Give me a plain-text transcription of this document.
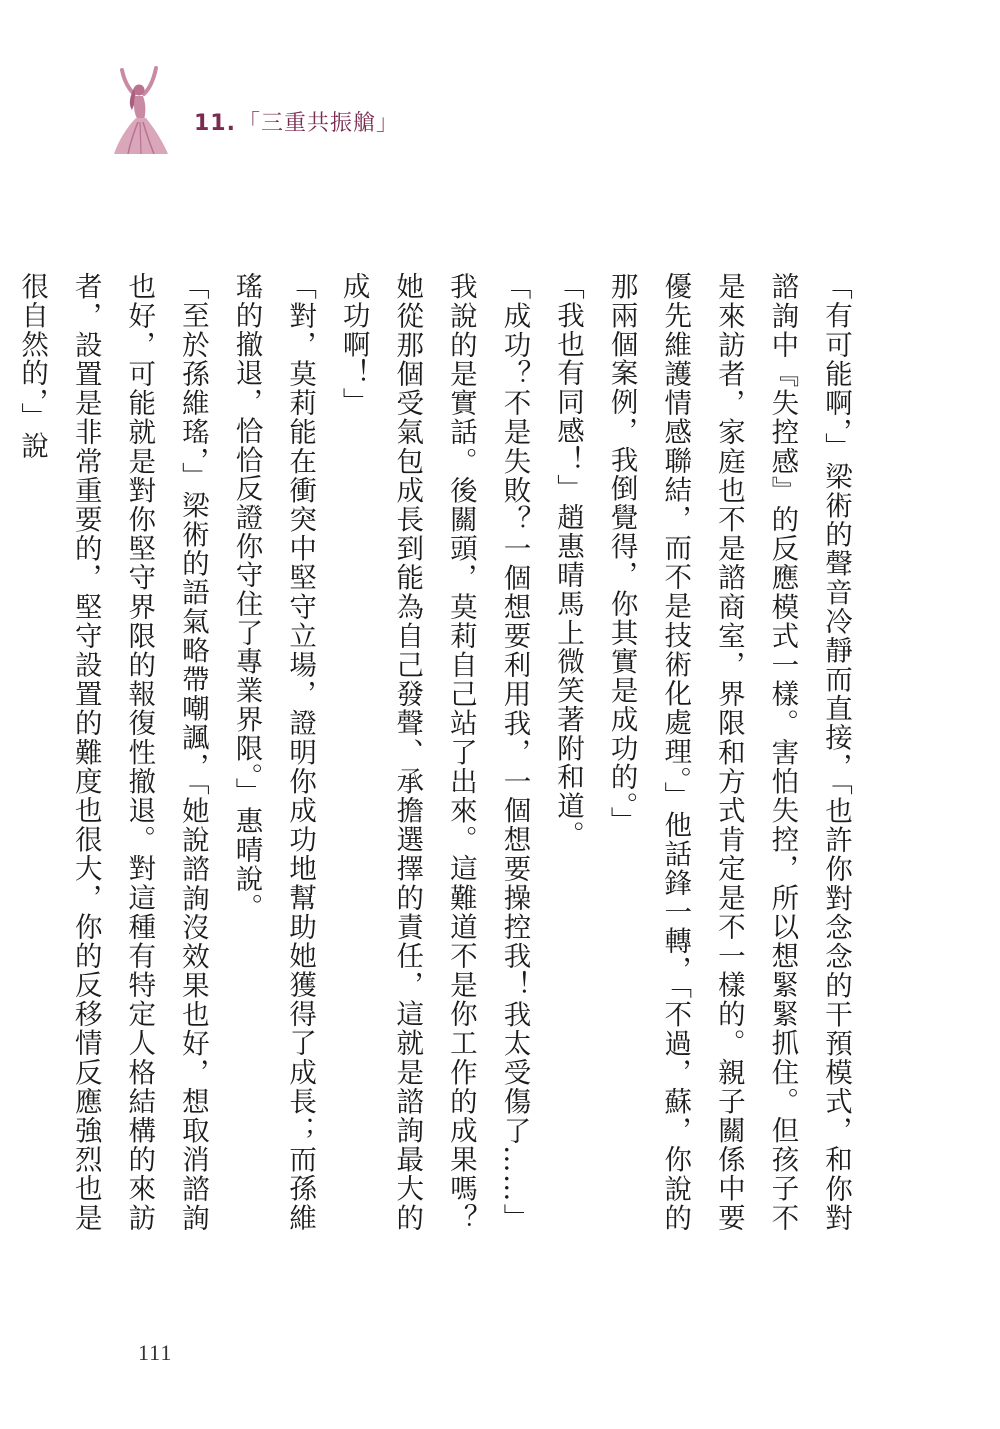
11.「三重共振艙」

「有可能啊，」梁術的聲音冷靜而直接，「也許你對念念的干預模式，和你對諮詢中『失控感』的反應模式一樣。害怕失控，所以想緊緊抓住。但孩子不是來訪者，家庭也不是諮商室，界限和方式肯定是不一樣的。親子關係中要優先維護情感聯結，而不是技術化處理。」他話鋒一轉，「不過，蘇，你說的那兩個案例，我倒覺得，你其實是成功的。」

「我也有同感！」趙惠晴馬上微笑著附和道。

「成功？不是失敗？一個想要利用我，一個想要操控我！我太受傷了……」我說的是實話。後關頭，莫莉自己站了出來。這難道不是你工作的成果嗎？她從那個受氣包成長到能為自己發聲、承擔選擇的責任，這就是諮詢最大的成功啊！」

「對，莫莉能在衝突中堅守立場，證明你成功地幫助她獲得了成長；而孫維瑤的撤退，恰恰反證你守住了專業界限。」惠晴說。

「至於孫維瑤，」梁術的語氣略帶嘲諷，「她說諮詢沒效果也好，想取消諮詢也好，可能就是對你堅守界限的報復性撤退。對這種有特定人格結構的來訪者，設置是非常重要的，堅守設置的難度也很大，你的反移情反應強烈也是很自然的，」說

111
